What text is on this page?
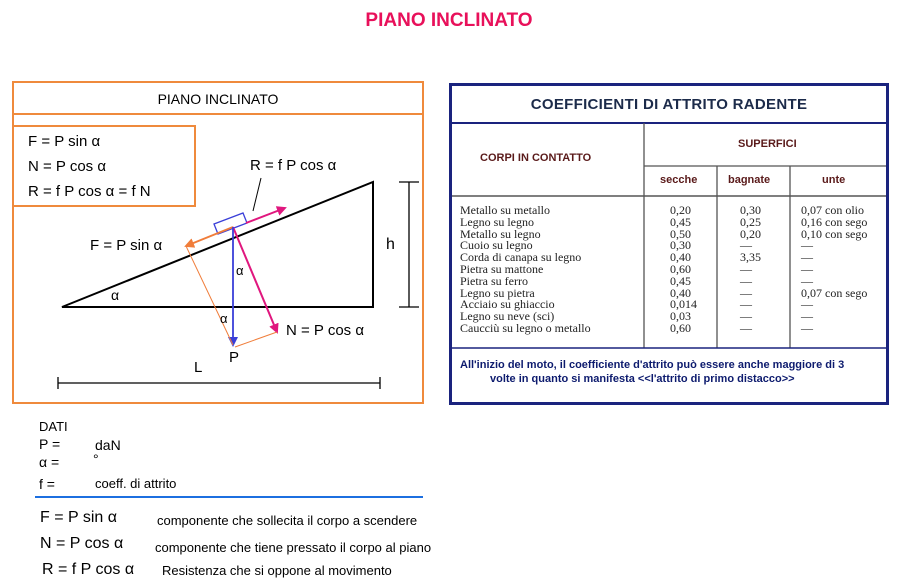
PIANO INCLINATO
PIANO INCLINATO
F = P sin α
N = P cos α
R = f P cos α = f N
R = f P cos α
F = P sin α
N = P cos α
h
L
P
α
α
α
COEFFICIENTI DI ATTRITO RADENTE
CORPI IN CONTATTO
SUPERFICI
secche	bagnate	unte
Metallo su metallo	0,20	0,30	0,07 con olio
Legno su legno	0,45	0,25	0,16 con sego
Metallo su legno	0,50	0,20	0,10 con sego
Cuoio su legno	0,30	—	—
Corda di canapa su legno	0,40	3,35	—
Pietra su mattone	0,60	—	—
Pietra su ferro	0,45	—	—
Legno su pietra	0,40	—	0,07 con sego
Acciaio su ghiaccio	0,014	—	—
Legno su neve (sci)	0,03	—	—
Caucciù su legno o metallo	0,60	—	—
All'inizio del moto, il coefficiente d'attrito può essere anche maggiore di 3
volte in quanto si manifesta <<l'attrito di primo distacco>>
DATI
P = daN
α = °
f =	coeff. di attrito
F = P sin α	componente che sollecita il corpo a scendere
N = P cos α componente che tiene pressato il corpo al piano
R = f P cos α Resistenza che si oppone al movimento
